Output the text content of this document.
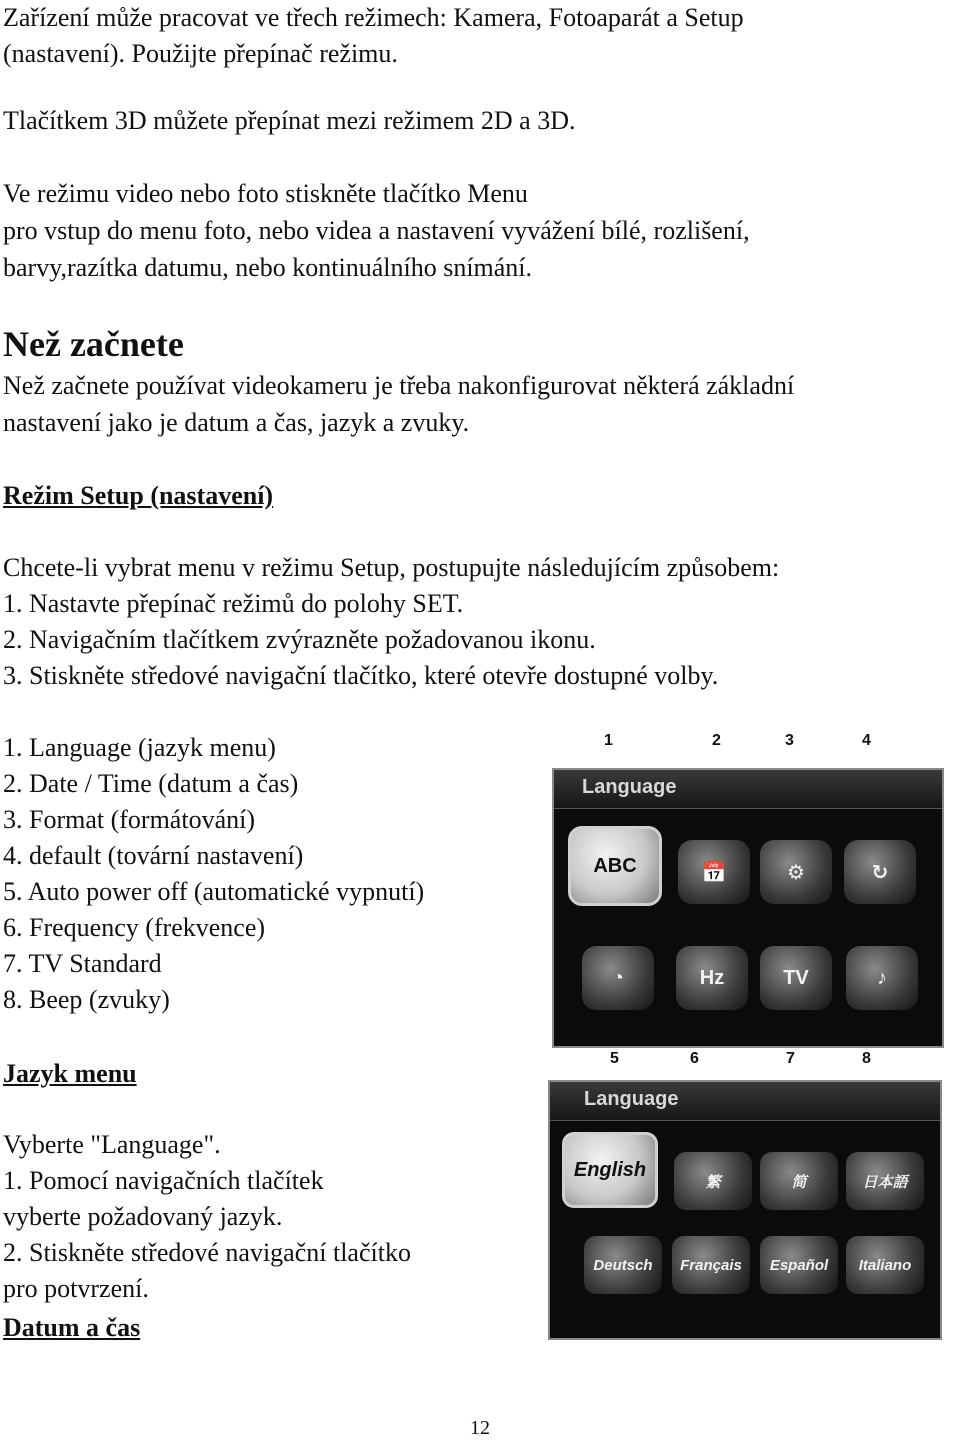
Zařízení může pracovat ve třech režimech: Kamera, Fotoaparát a Setup
(nastavení). Použijte přepínač režimu.
Tlačítkem 3D můžete přepínat mezi režimem 2D a 3D.
Ve režimu video nebo foto stiskněte tlačítko Menu
pro vstup do menu foto, nebo videa a nastavení vyvážení bílé, rozlišení,
barvy,razítka datumu, nebo kontinuálního snímání.
Než začnete
Než začnete používat videokameru je třeba nakonfigurovat některá základní
nastavení jako je datum a čas, jazyk a zvuky.
Režim Setup (nastavení)
Chcete-li vybrat menu v režimu Setup, postupujte následujícím způsobem:
1. Nastavte přepínač režimů do polohy SET.
2. Navigačním tlačítkem zvýrazněte požadovanou ikonu.
3. Stiskněte středové navigační tlačítko, které otevře dostupné volby.
1. Language (jazyk menu)
2. Date / Time (datum a čas)
3. Format (formátování)
4. default (tovární nastavení)
5. Auto power off (automatické vypnutí)
6. Frequency (frekvence)
7. TV Standard
8. Beep (zvuky)
1	2	3	4
Language
ABC	📅	⚙	↻
◔	Hz	TV	♪
5	6	7	8
Jazyk menu
Vyberte "Language".
1. Pomocí navigačních tlačítek
vyberte požadovaný jazyk.
2. Stiskněte středové navigační tlačítko
pro potvrzení.
Datum a čas
Language
English
繁	简	日本語
Deutsch	Français	Español	Italiano
12
